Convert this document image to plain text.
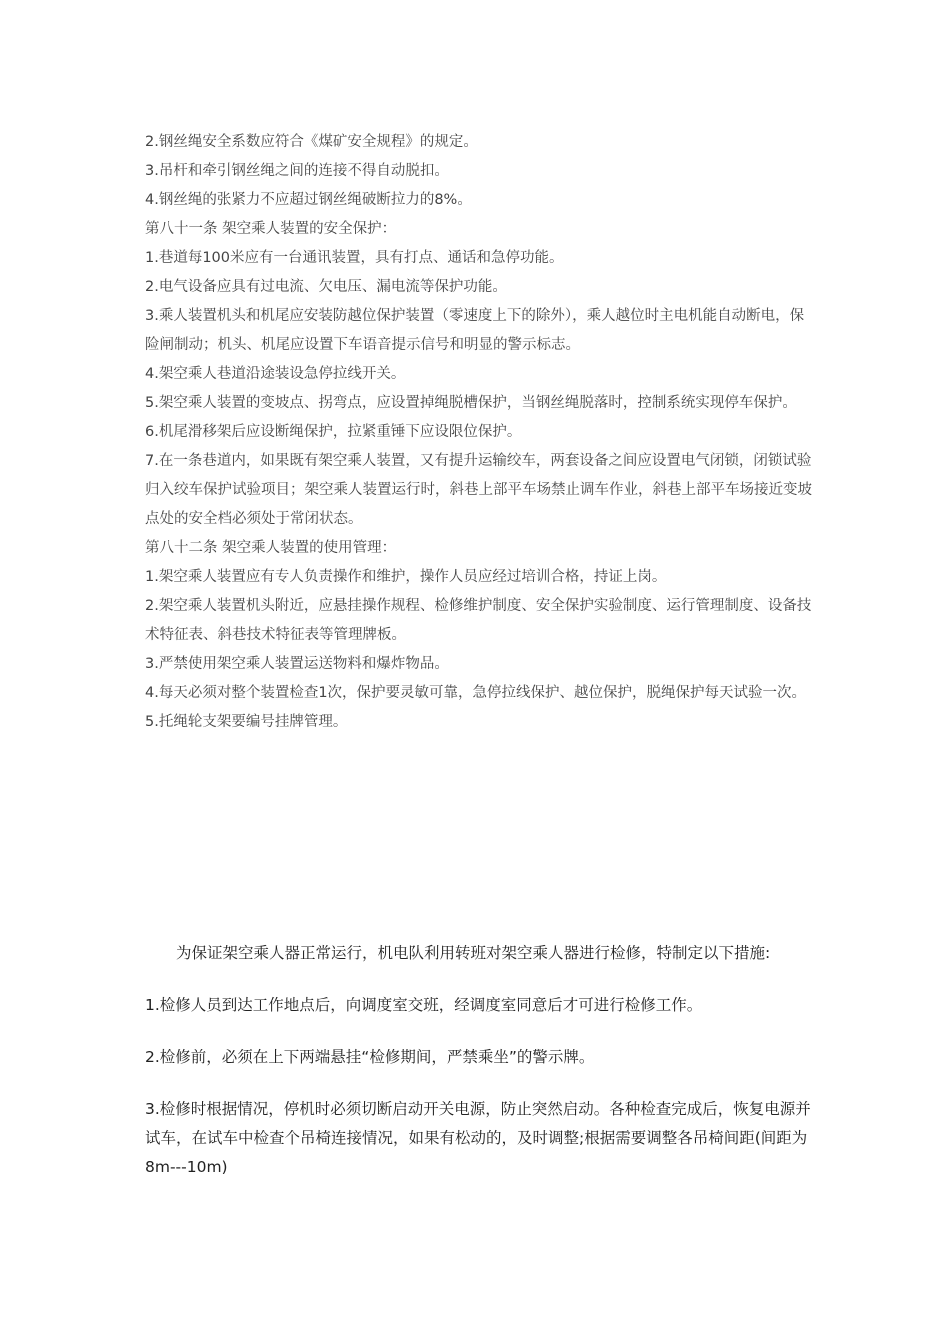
2.钢丝绳安全系数应符合《煤矿安全规程》的规定。
3.吊杆和牵引钢丝绳之间的连接不得自动脱扣。
4.钢丝绳的张紧力不应超过钢丝绳破断拉力的8%。
第八十一条 架空乘人装置的安全保护：
1.巷道每100米应有一台通讯装置，具有打点、通话和急停功能。
2.电气设备应具有过电流、欠电压、漏电流等保护功能。
3.乘人装置机头和机尾应安装防越位保护装置（零速度上下的除外），乘人越位时主电机能自动断电，保险闸制动；机头、机尾应设置下车语音提示信号和明显的警示标志。
4.架空乘人巷道沿途装设急停拉线开关。
5.架空乘人装置的变坡点、拐弯点，应设置掉绳脱槽保护，当钢丝绳脱落时，控制系统实现停车保护。
6.机尾滑移架后应设断绳保护，拉紧重锤下应设限位保护。
7.在一条巷道内，如果既有架空乘人装置，又有提升运输绞车，两套设备之间应设置电气闭锁，闭锁试验归入绞车保护试验项目；架空乘人装置运行时，斜巷上部平车场禁止调车作业，斜巷上部平车场接近变坡点处的安全档必须处于常闭状态。
第八十二条 架空乘人装置的使用管理：
1.架空乘人装置应有专人负责操作和维护，操作人员应经过培训合格，持证上岗。
2.架空乘人装置机头附近，应悬挂操作规程、检修维护制度、安全保护实验制度、运行管理制度、设备技术特征表、斜巷技术特征表等管理牌板。
3.严禁使用架空乘人装置运送物料和爆炸物品。
4.每天必须对整个装置检查1次，保护要灵敏可靠，急停拉线保护、越位保护，脱绳保护每天试验一次。
5.托绳轮支架要编号挂牌管理。
为保证架空乘人器正常运行，机电队利用转班对架空乘人器进行检修，特制定以下措施:
1.检修人员到达工作地点后，向调度室交班，经调度室同意后才可进行检修工作。
2.检修前，必须在上下两端悬挂“检修期间，严禁乘坐”的警示牌。
3.检修时根据情况，停机时必须切断启动开关电源，防止突然启动。各种检查完成后，恢复电源并试车，在试车中检查个吊椅连接情况，如果有松动的，及时调整;根据需要调整各吊椅间距(间距为8m---10m)
